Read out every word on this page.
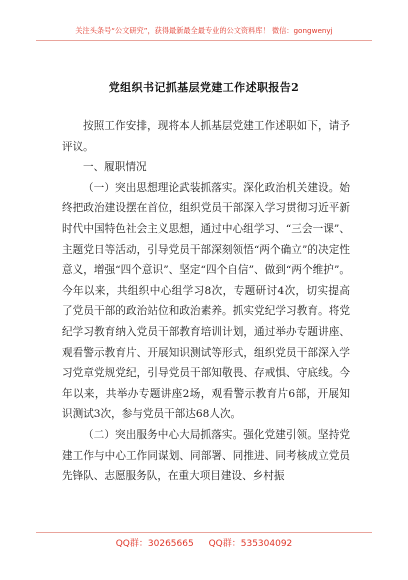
关注头条号“公文研究”，获得最新最全最专业的公文资料库！ 微信：gongwenyj
党组织书记抓基层党建工作述职报告2

按照工作安排，现将本人抓基层党建工作述职如下，请予评议。

一、履职情况

（一）突出思想理论武装抓落实。深化政治机关建设。始终把政治建设摆在首位，组织党员干部深入学习贯彻习近平新时代中国特色社会主义思想，通过中心组学习、“三会一课”、主题党日等活动，引导党员干部深刻领悟“两个确立”的决定性意义，增强“四个意识”、坚定“四个自信”、做到“两个维护”。今年以来，共组织中心组学习8次，专题研讨4次，切实提高了党员干部的政治站位和政治素养。抓实党纪学习教育。将党纪学习教育纳入党员干部教育培训计划，通过举办专题讲座、观看警示教育片、开展知识测试等形式，组织党员干部深入学习党章党规党纪，引导党员干部知敬畏、存戒惧、守底线。今年以来，共举办专题讲座2场，观看警示教育片6部，开展知识测试3次，参与党员干部达68人次。

（二）突出服务中心大局抓落实。强化党建引领。坚持党建工作与中心工作同谋划、同部署、同推进、同考核成立党员先锋队、志愿服务队，在重大项目建设、乡村振

QQ群：30265665 QQ群：535304092
